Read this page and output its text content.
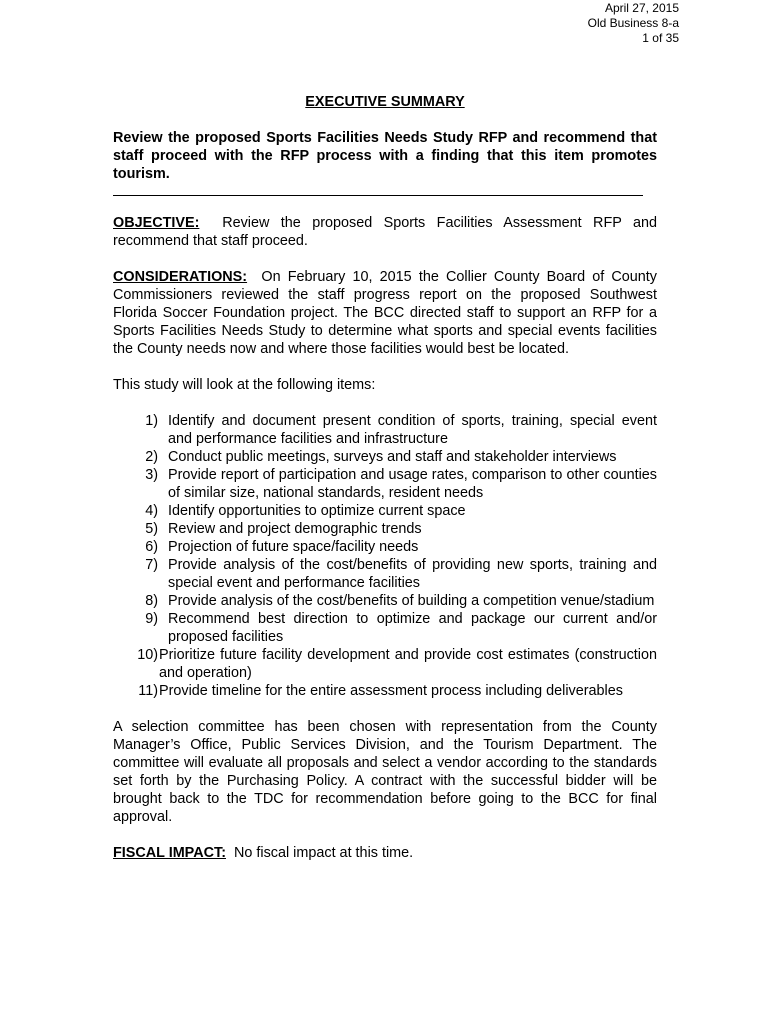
April 27, 2015
Old Business 8-a
1 of 35
EXECUTIVE SUMMARY

Review the proposed Sports Facilities Needs Study RFP and recommend that staff proceed with the RFP process with a finding that this item promotes tourism.

OBJECTIVE: Review the proposed Sports Facilities Assessment RFP and recommend that staff proceed.

CONSIDERATIONS: On February 10, 2015 the Collier County Board of County Commissioners reviewed the staff progress report on the proposed Southwest Florida Soccer Foundation project. The BCC directed staff to support an RFP for a Sports Facilities Needs Study to determine what sports and special events facilities the County needs now and where those facilities would best be located.

This study will look at the following items:

1) Identify and document present condition of sports, training, special event and performance facilities and infrastructure
2) Conduct public meetings, surveys and staff and stakeholder interviews
3) Provide report of participation and usage rates, comparison to other counties of similar size, national standards, resident needs
4) Identify opportunities to optimize current space
5) Review and project demographic trends
6) Projection of future space/facility needs
7) Provide analysis of the cost/benefits of providing new sports, training and special event and performance facilities
8) Provide analysis of the cost/benefits of building a competition venue/stadium
9) Recommend best direction to optimize and package our current and/or proposed facilities
10) Prioritize future facility development and provide cost estimates (construction and operation)
11) Provide timeline for the entire assessment process including deliverables

A selection committee has been chosen with representation from the County Manager’s Office, Public Services Division, and the Tourism Department. The committee will evaluate all proposals and select a vendor according to the standards set forth by the Purchasing Policy. A contract with the successful bidder will be brought back to the TDC for recommendation before going to the BCC for final approval.

FISCAL IMPACT: No fiscal impact at this time.
